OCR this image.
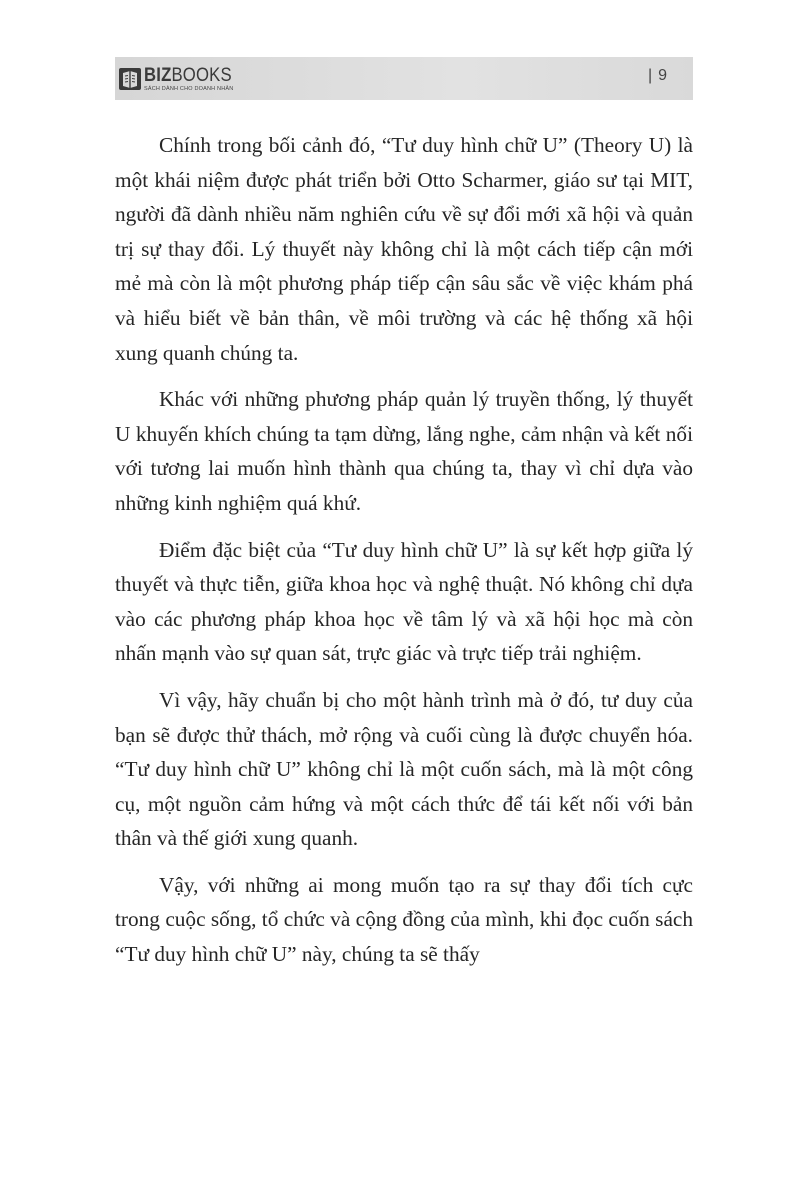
BIZBOOKS
SÁCH DÀNH CHO DOANH NHÂN
| 9

Chính trong bối cảnh đó, “Tư duy hình chữ U” (Theory U) là một khái niệm được phát triển bởi Otto Scharmer, giáo sư tại MIT, người đã dành nhiều năm nghiên cứu về sự đổi mới xã hội và quản trị sự thay đổi. Lý thuyết này không chỉ là một cách tiếp cận mới mẻ mà còn là một phương pháp tiếp cận sâu sắc về việc khám phá và hiểu biết về bản thân, về môi trường và các hệ thống xã hội xung quanh chúng ta.

Khác với những phương pháp quản lý truyền thống, lý thuyết U khuyến khích chúng ta tạm dừng, lắng nghe, cảm nhận và kết nối với tương lai muốn hình thành qua chúng ta, thay vì chỉ dựa vào những kinh nghiệm quá khứ.

Điểm đặc biệt của “Tư duy hình chữ U” là sự kết hợp giữa lý thuyết và thực tiễn, giữa khoa học và nghệ thuật. Nó không chỉ dựa vào các phương pháp khoa học về tâm lý và xã hội học mà còn nhấn mạnh vào sự quan sát, trực giác và trực tiếp trải nghiệm.

Vì vậy, hãy chuẩn bị cho một hành trình mà ở đó, tư duy của bạn sẽ được thử thách, mở rộng và cuối cùng là được chuyển hóa. “Tư duy hình chữ U” không chỉ là một cuốn sách, mà là một công cụ, một nguồn cảm hứng và một cách thức để tái kết nối với bản thân và thế giới xung quanh.

Vậy, với những ai mong muốn tạo ra sự thay đổi tích cực trong cuộc sống, tổ chức và cộng đồng của mình, khi đọc cuốn sách “Tư duy hình chữ U” này, chúng ta sẽ thấy
